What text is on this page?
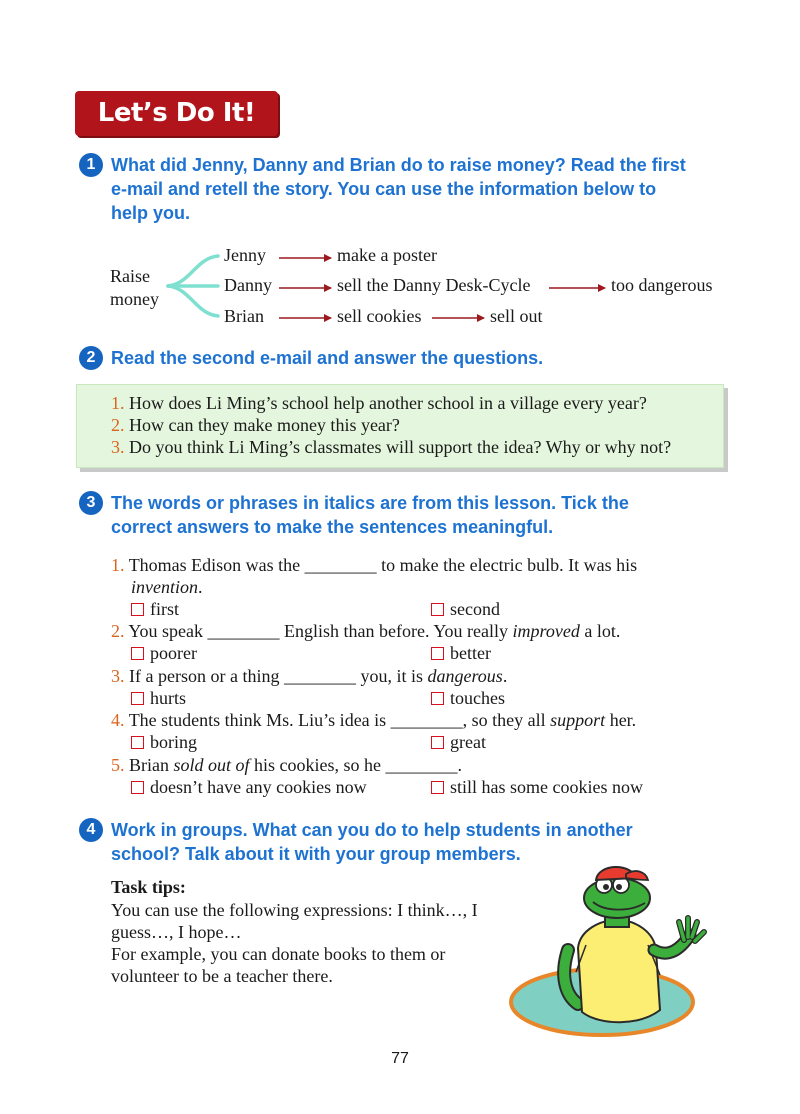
Let’s Do It!
1 What did Jenny, Danny and Brian do to raise money? Read the first

e-mail and retell the story. You can use the information below to

help you.

Raise
money
Jenny	make a poster
Danny	sell the Danny Desk-Cycle	too dangerous
Brian	sell cookies	sell out
2 Read the second e-mail and answer the questions.

1. How does Li Ming’s school help another school in a village every year?
2. How can they make money this year?
3. Do you think Li Ming’s classmates will support the idea? Why or why not?
3 The words or phrases in italics are from this lesson. Tick the

correct answers to make the sentences meaningful.

1. Thomas Edison was the ________ to make the electric bulb. It was his
invention.
first	second
2. You speak ________ English than before. You really improved a lot.
poorer	better
3. If a person or a thing ________ you, it is dangerous.
hurts	touches
4. The students think Ms. Liu’s idea is ________, so they all support her.
boring	great
5. Brian sold out of his cookies, so he ________.
doesn’t have any cookies now	still has some cookies now
4 Work in groups. What can you do to help students in another

school? Talk about it with your group members.

Task tips:
You can use the following expressions: I think…, I
guess…, I hope…
For example, you can donate books to them or
volunteer to be a teacher there.
77
